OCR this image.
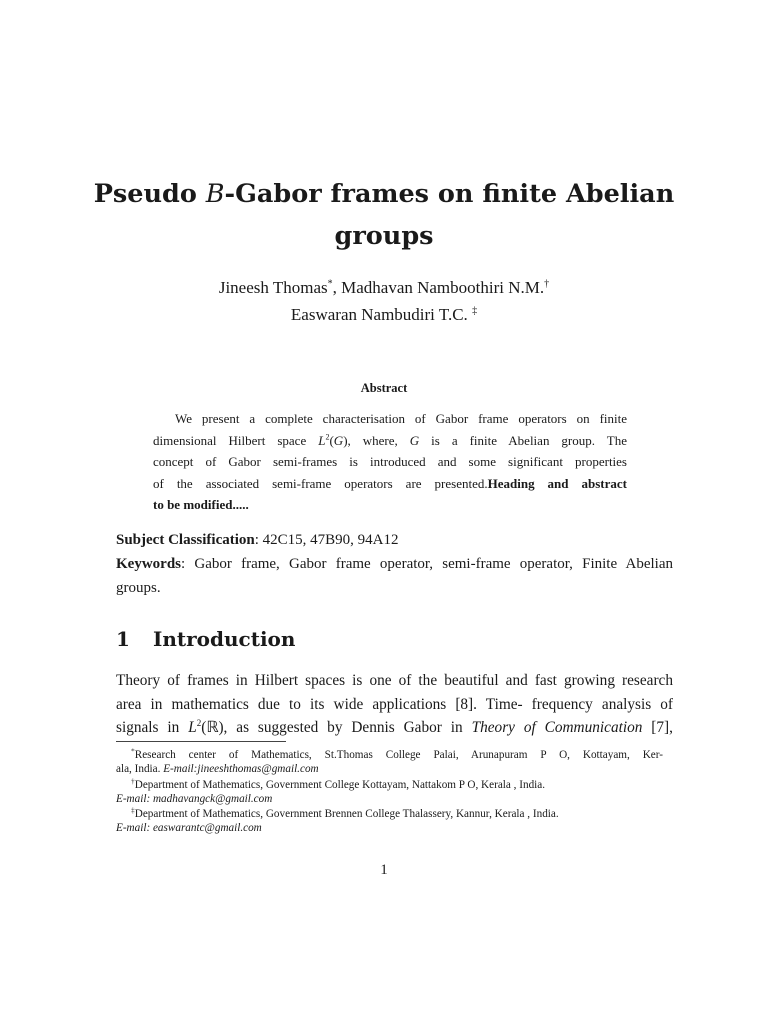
Pseudo B-Gabor frames on finite Abelian
groups
Jineesh Thomas*, Madhavan Namboothiri N.M.†
Easwaran Nambudiri T.C. ‡
Abstract
We present a complete characterisation of Gabor frame operators on finite
dimensional Hilbert space $L^2(G)$, where, G is a finite Abelian group. The
concept of Gabor semi-frames is introduced and some significant properties
of the associated semi-frame operators are presented.Heading and abstract
to be modified.....
Subject Classification: 42C15, 47B90, 94A12
Keywords: Gabor frame, Gabor frame operator, semi-frame operator, Finite Abelian
groups.
1 Introduction
Theory of frames in Hilbert spaces is one of the beautiful and fast growing research
area in mathematics due to its wide applications [8]. Time- frequency analysis of
signals in $L^2(ℝ)$, as suggested by Dennis Gabor in Theory of Communication [7],
*Research center of Mathematics, St.Thomas College Palai, Arunapuram P O, Kottayam, Ker-
ala, India. E-mail:jineeshthomas@gmail.com
†Department of Mathematics, Government College Kottayam, Nattakom P O, Kerala , India.
E-mail: madhavangck@gmail.com
‡Department of Mathematics, Government Brennen College Thalassery, Kannur, Kerala , India.
E-mail: easwarantc@gmail.com
1
